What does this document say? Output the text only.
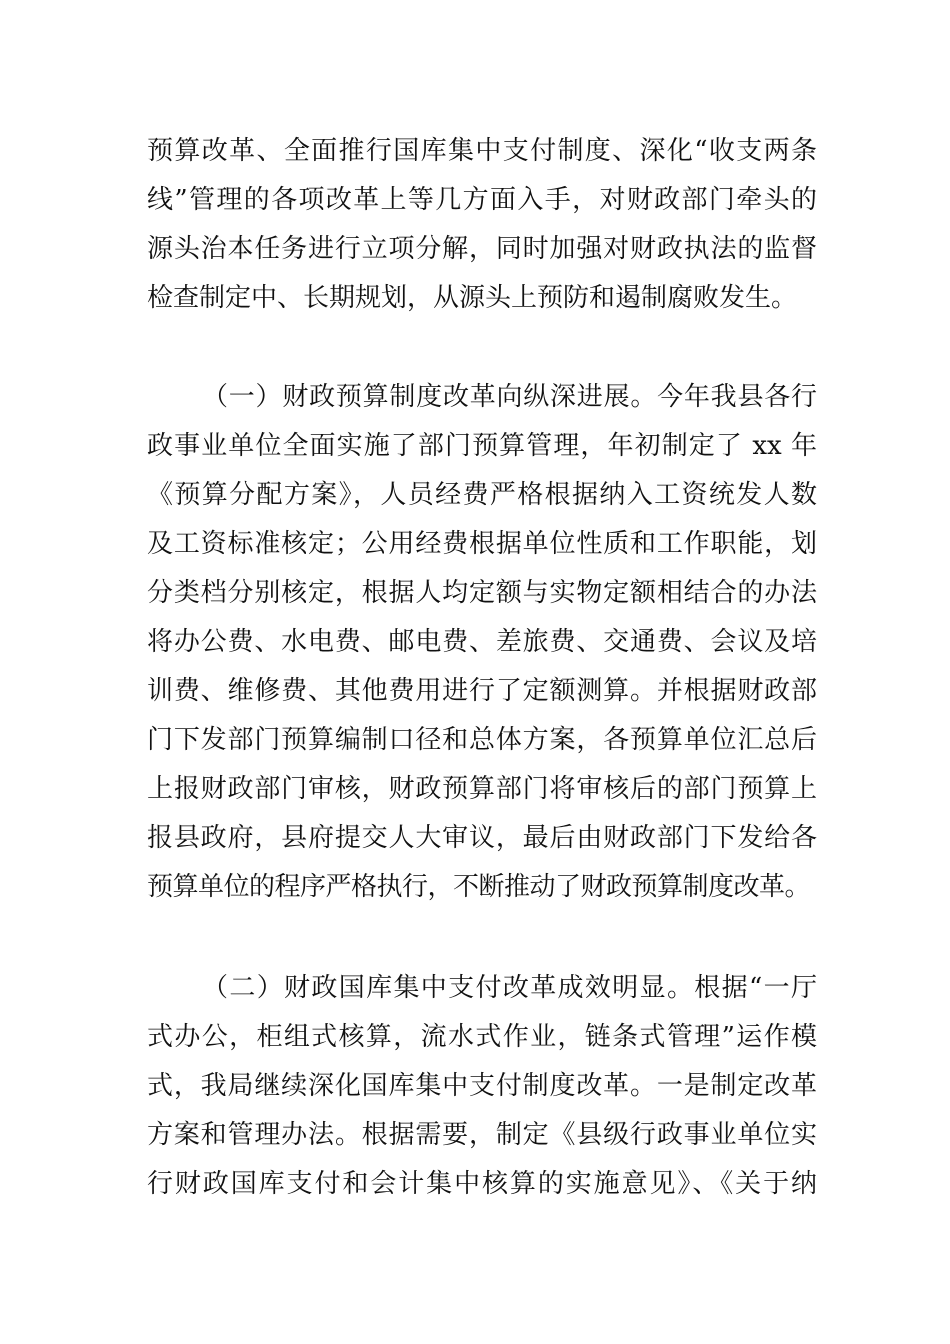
预算改革、全面推行国库集中支付制度、深化“收支两条
线”管理的各项改革上等几方面入手，对财政部门牵头的
源头治本任务进行立项分解，同时加强对财政执法的监督
检查制定中、长期规划，从源头上预防和遏制腐败发生。
（一）财政预算制度改革向纵深进展。今年我县各行
政事业单位全面实施了部门预算管理，年初制定了 xx 年
《预算分配方案》，人员经费严格根据纳入工资统发人数
及工资标准核定；公用经费根据单位性质和工作职能，划
分类档分别核定，根据人均定额与实物定额相结合的办法
将办公费、水电费、邮电费、差旅费、交通费、会议及培
训费、维修费、其他费用进行了定额测算。并根据财政部
门下发部门预算编制口径和总体方案，各预算单位汇总后
上报财政部门审核，财政预算部门将审核后的部门预算上
报县政府，县府提交人大审议，最后由财政部门下发给各
预算单位的程序严格执行，不断推动了财政预算制度改革。
（二）财政国库集中支付改革成效明显。根据“一厅
式办公，柜组式核算，流水式作业，链条式管理”运作模
式，我局继续深化国库集中支付制度改革。一是制定改革
方案和管理办法。根据需要，制定《县级行政事业单位实
行财政国库支付和会计集中核算的实施意见》、《关于纳
